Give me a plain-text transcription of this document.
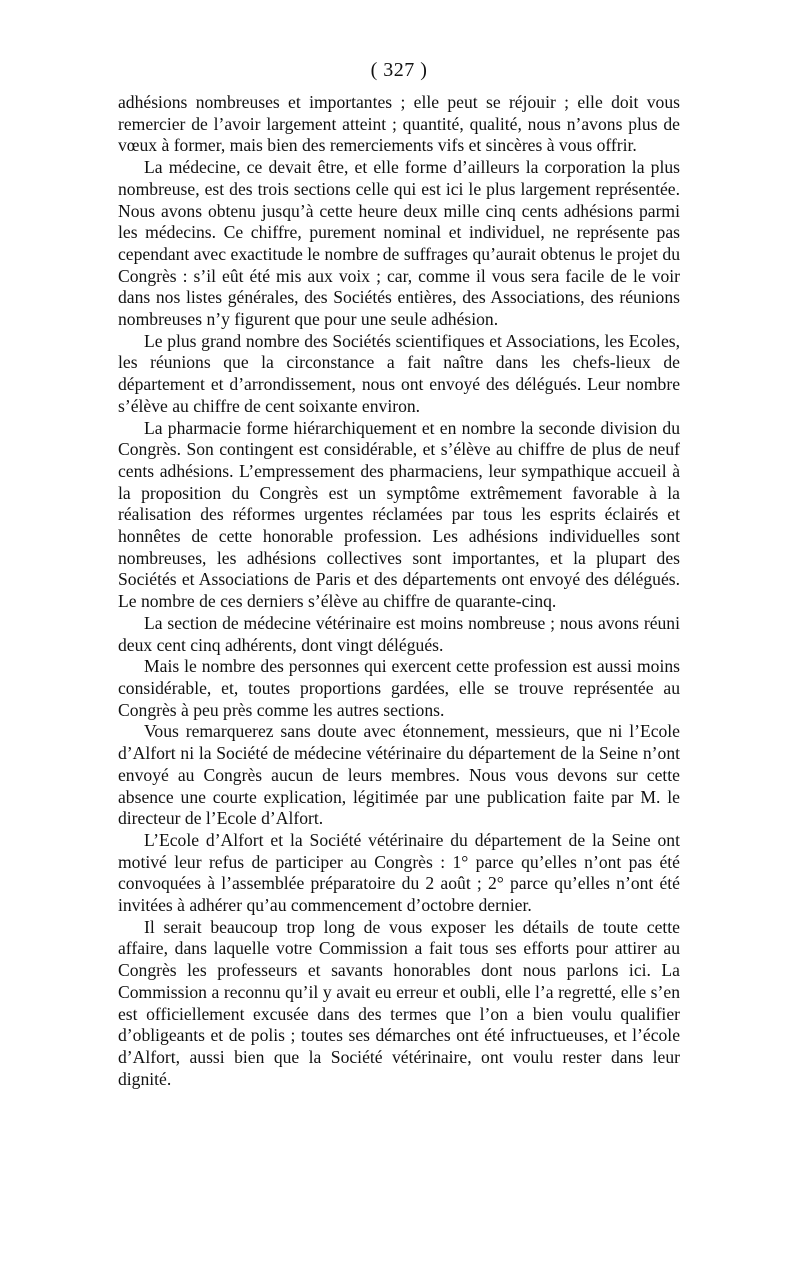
( 327 )

adhésions nombreuses et importantes ; elle peut se réjouir ; elle doit vous remercier de l’avoir largement atteint ; quantité, qualité, nous n’avons plus de vœux à former, mais bien des remerciements vifs et sincères à vous offrir.

La médecine, ce devait être, et elle forme d’ailleurs la corporation la plus nombreuse, est des trois sections celle qui est ici le plus largement représentée. Nous avons obtenu jusqu’à cette heure deux mille cinq cents adhésions parmi les médecins. Ce chiffre, purement nominal et individuel, ne représente pas cependant avec exactitude le nombre de suffrages qu’aurait obtenus le projet du Congrès : s’il eût été mis aux voix ; car, comme il vous sera facile de le voir dans nos listes générales, des Sociétés entières, des Associations, des réunions nombreuses n’y figurent que pour une seule adhésion.

Le plus grand nombre des Sociétés scientifiques et Associations, les Ecoles, les réunions que la circonstance a fait naître dans les chefs-lieux de département et d’arrondissement, nous ont envoyé des délégués. Leur nombre s’élève au chiffre de cent soixante environ.

La pharmacie forme hiérarchiquement et en nombre la seconde division du Congrès. Son contingent est considérable, et s’élève au chiffre de plus de neuf cents adhésions. L’empressement des pharmaciens, leur sympathique accueil à la proposition du Congrès est un symptôme extrêmement favorable à la réalisation des réformes urgentes réclamées par tous les esprits éclairés et honnêtes de cette honorable profession. Les adhésions individuelles sont nombreuses, les adhésions collectives sont importantes, et la plupart des Sociétés et Associations de Paris et des départements ont envoyé des délégués. Le nombre de ces derniers s’élève au chiffre de quarante-cinq.

La section de médecine vétérinaire est moins nombreuse ; nous avons réuni deux cent cinq adhérents, dont vingt délégués.

Mais le nombre des personnes qui exercent cette profession est aussi moins considérable, et, toutes proportions gardées, elle se trouve représentée au Congrès à peu près comme les autres sections.

Vous remarquerez sans doute avec étonnement, messieurs, que ni l’Ecole d’Alfort ni la Société de médecine vétérinaire du département de la Seine n’ont envoyé au Congrès aucun de leurs membres. Nous vous devons sur cette absence une courte explication, légitimée par une publication faite par M. le directeur de l’Ecole d’Alfort.

L’Ecole d’Alfort et la Société vétérinaire du département de la Seine ont motivé leur refus de participer au Congrès : 1° parce qu’elles n’ont pas été convoquées à l’assemblée préparatoire du 2 août ; 2° parce qu’elles n’ont été invitées à adhérer qu’au commencement d’octobre dernier.

Il serait beaucoup trop long de vous exposer les détails de toute cette affaire, dans laquelle votre Commission a fait tous ses efforts pour attirer au Congrès les professeurs et savants honorables dont nous parlons ici. La Commission a reconnu qu’il y avait eu erreur et oubli, elle l’a regretté, elle s’en est officiellement excusée dans des termes que l’on a bien voulu qualifier d’obligeants et de polis ; toutes ses démarches ont été infructueuses, et l’école d’Alfort, aussi bien que la Société vétérinaire, ont voulu rester dans leur dignité.
